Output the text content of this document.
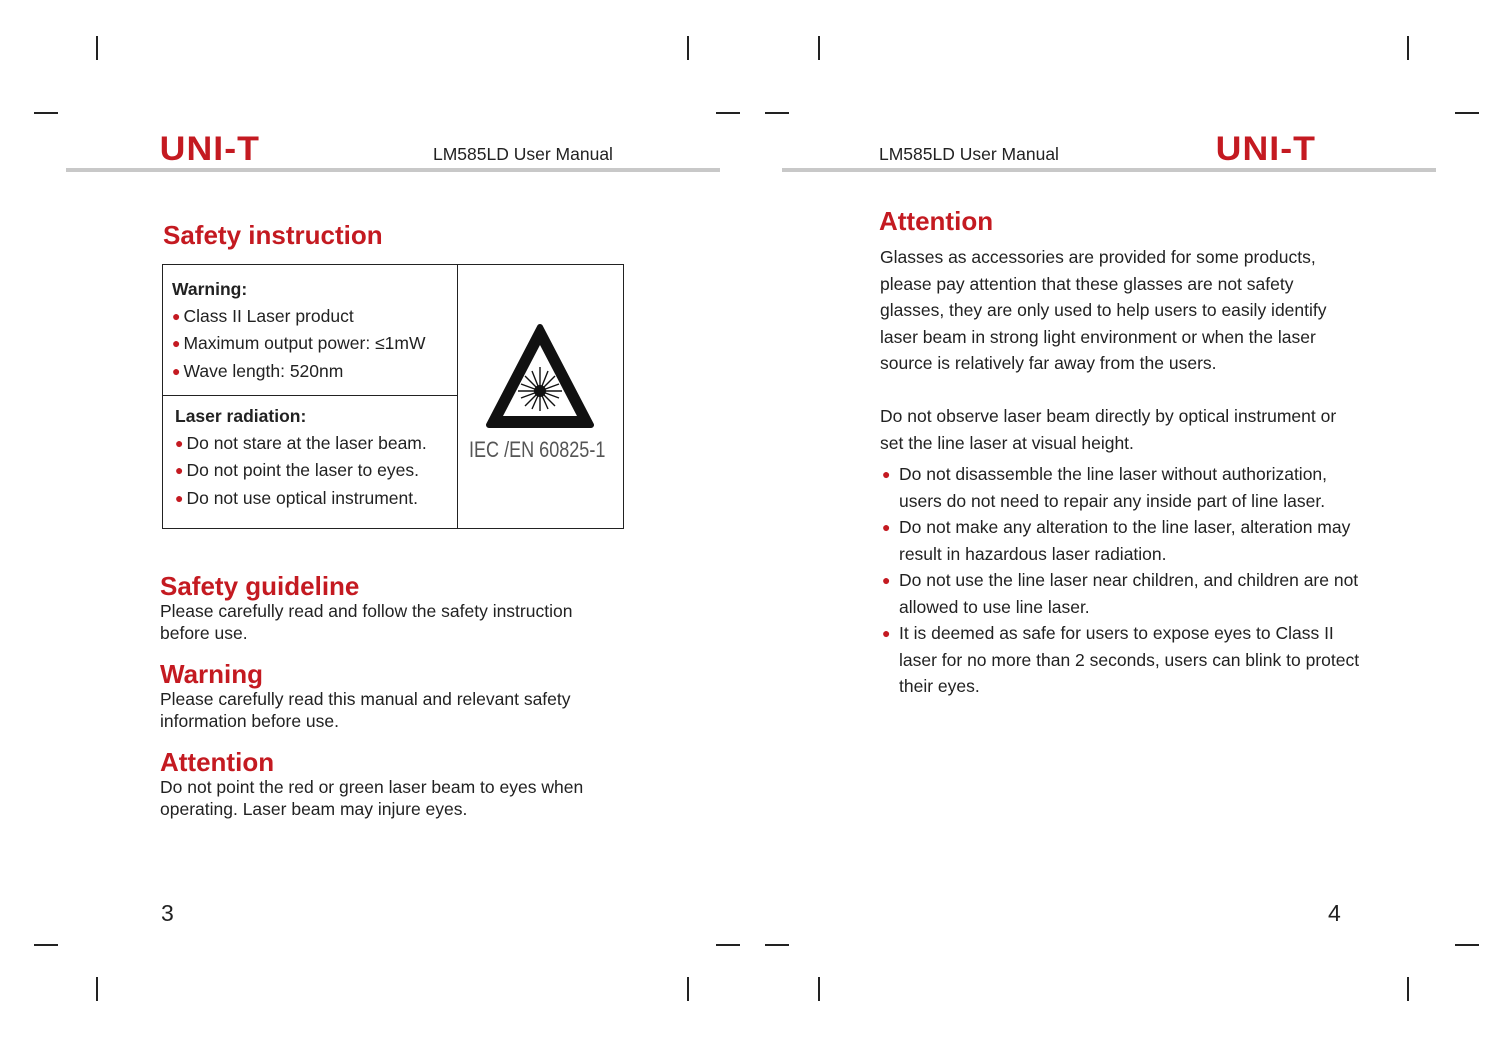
UNI-T	LM585LD User Manual
Safety instruction
Warning:
● Class II Laser product
● Maximum output power: ≤1mW
● Wave length: 520nm
Laser radiation:
● Do not stare at the laser beam.
● Do not point the laser to eyes.
● Do not use optical instrument.
IEC /EN 60825-1
Safety guideline

Please carefully read and follow the safety instruction before use.

Warning

Please carefully read this manual and relevant safety information before use.

Attention

Do not point the red or green laser beam to eyes when operating. Laser beam may injure eyes.

3
LM585LD User Manual	UNI-T
Attention

Glasses as accessories are provided for some products, please pay attention that these glasses are not safety glasses, they are only used to help users to easily identify laser beam in strong light environment or when the laser source is relatively far away from the users.

Do not observe laser beam directly by optical instrument or set the line laser at visual height.

● Do not disassemble the line laser without authorization, users do not need to repair any inside part of line laser.
● Do not make any alteration to the line laser, alteration may result in hazardous laser radiation.
● Do not use the line laser near children, and children are not allowed to use line laser.
● It is deemed as safe for users to expose eyes to Class II laser for no more than 2 seconds, users can blink to protect their eyes.
4
